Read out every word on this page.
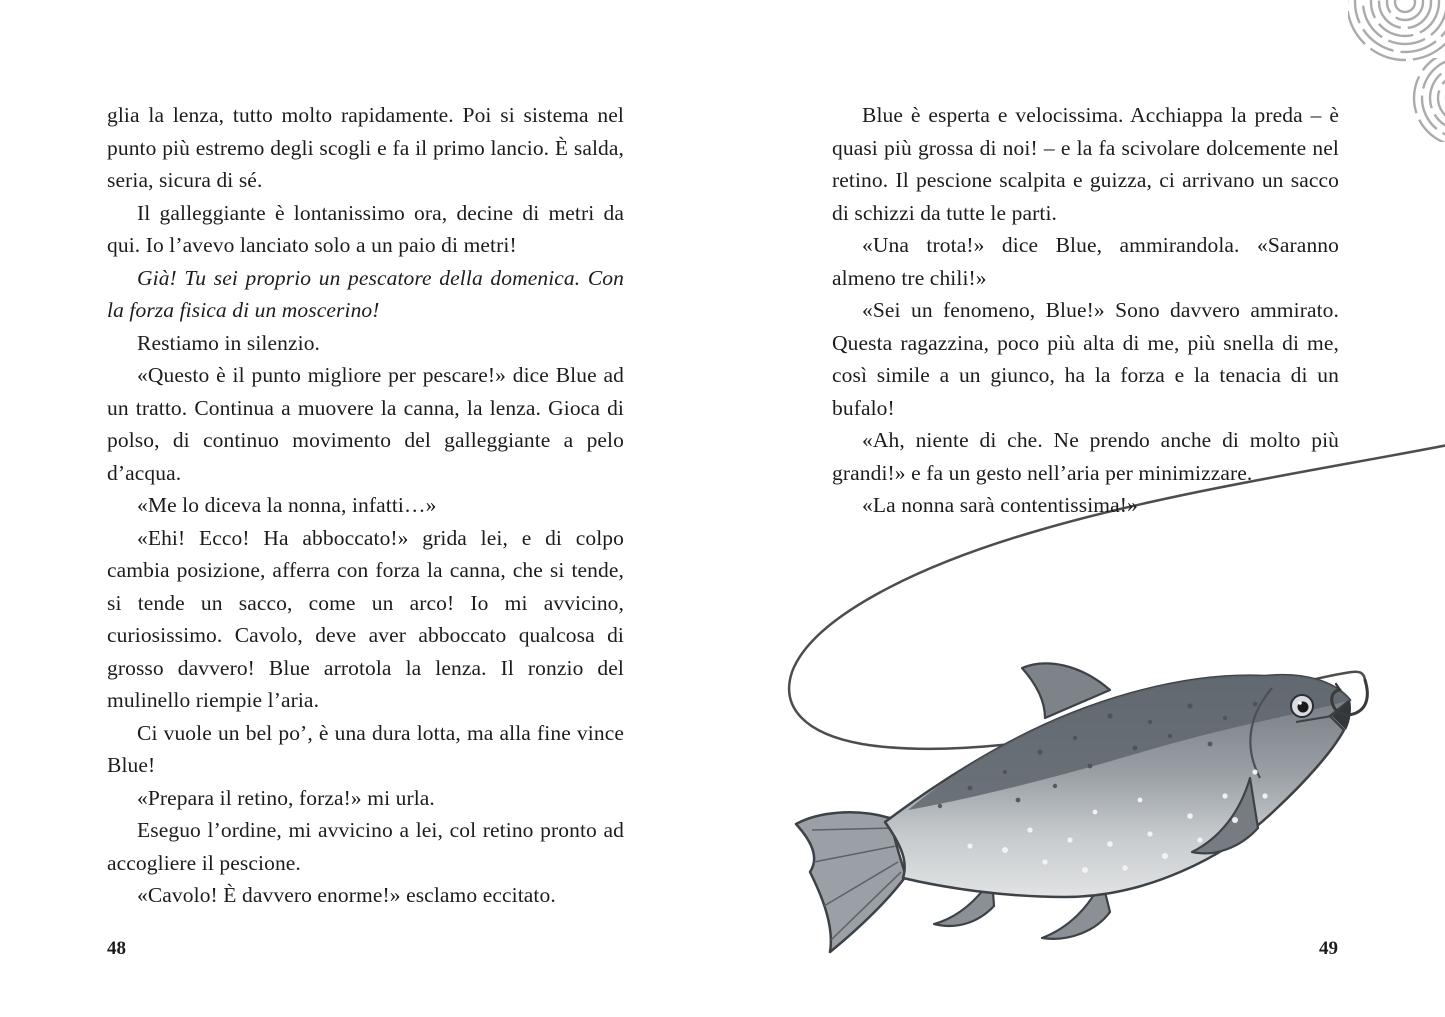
glia la lenza, tutto molto rapidamente. Poi si sistema nel punto più estremo degli scogli e fa il primo lancio. È salda, seria, sicura di sé.

Il galleggiante è lontanissimo ora, decine di metri da qui. Io l’avevo lanciato solo a un paio di metri!

Già! Tu sei proprio un pescatore della domenica. Con la forza fisica di un moscerino!

Restiamo in silenzio.

«Questo è il punto migliore per pescare!» dice Blue ad un tratto. Continua a muovere la canna, la lenza. Gioca di polso, di continuo movimento del galleggiante a pelo d’acqua.

«Me lo diceva la nonna, infatti…»

«Ehi! Ecco! Ha abboccato!» grida lei, e di colpo cambia posizione, afferra con forza la canna, che si tende, si tende un sacco, come un arco! Io mi avvicino, curiosissimo. Cavolo, deve aver abboccato qualcosa di grosso davvero! Blue arrotola la lenza. Il ronzio del mulinello riempie l’aria.

Ci vuole un bel po’, è una dura lotta, ma alla fine vince Blue!

«Prepara il retino, forza!» mi urla.

Eseguo l’ordine, mi avvicino a lei, col retino pronto ad accogliere il pescione.

«Cavolo! È davvero enorme!» esclamo eccitato.

48

Blue è esperta e velocissima. Acchiappa la preda – è quasi più grossa di noi! – e la fa scivolare dolcemente nel retino. Il pescione scalpita e guizza, ci arrivano un sacco di schizzi da tutte le parti.

«Una trota!» dice Blue, ammirandola. «Saranno almeno tre chili!»

«Sei un fenomeno, Blue!» Sono davvero ammirato. Questa ragazzina, poco più alta di me, più snella di me, così simile a un giunco, ha la forza e la tenacia di un bufalo!

«Ah, niente di che. Ne prendo anche di molto più grandi!» e fa un gesto nell’aria per minimizzare.

«La nonna sarà contentissima!»

49
